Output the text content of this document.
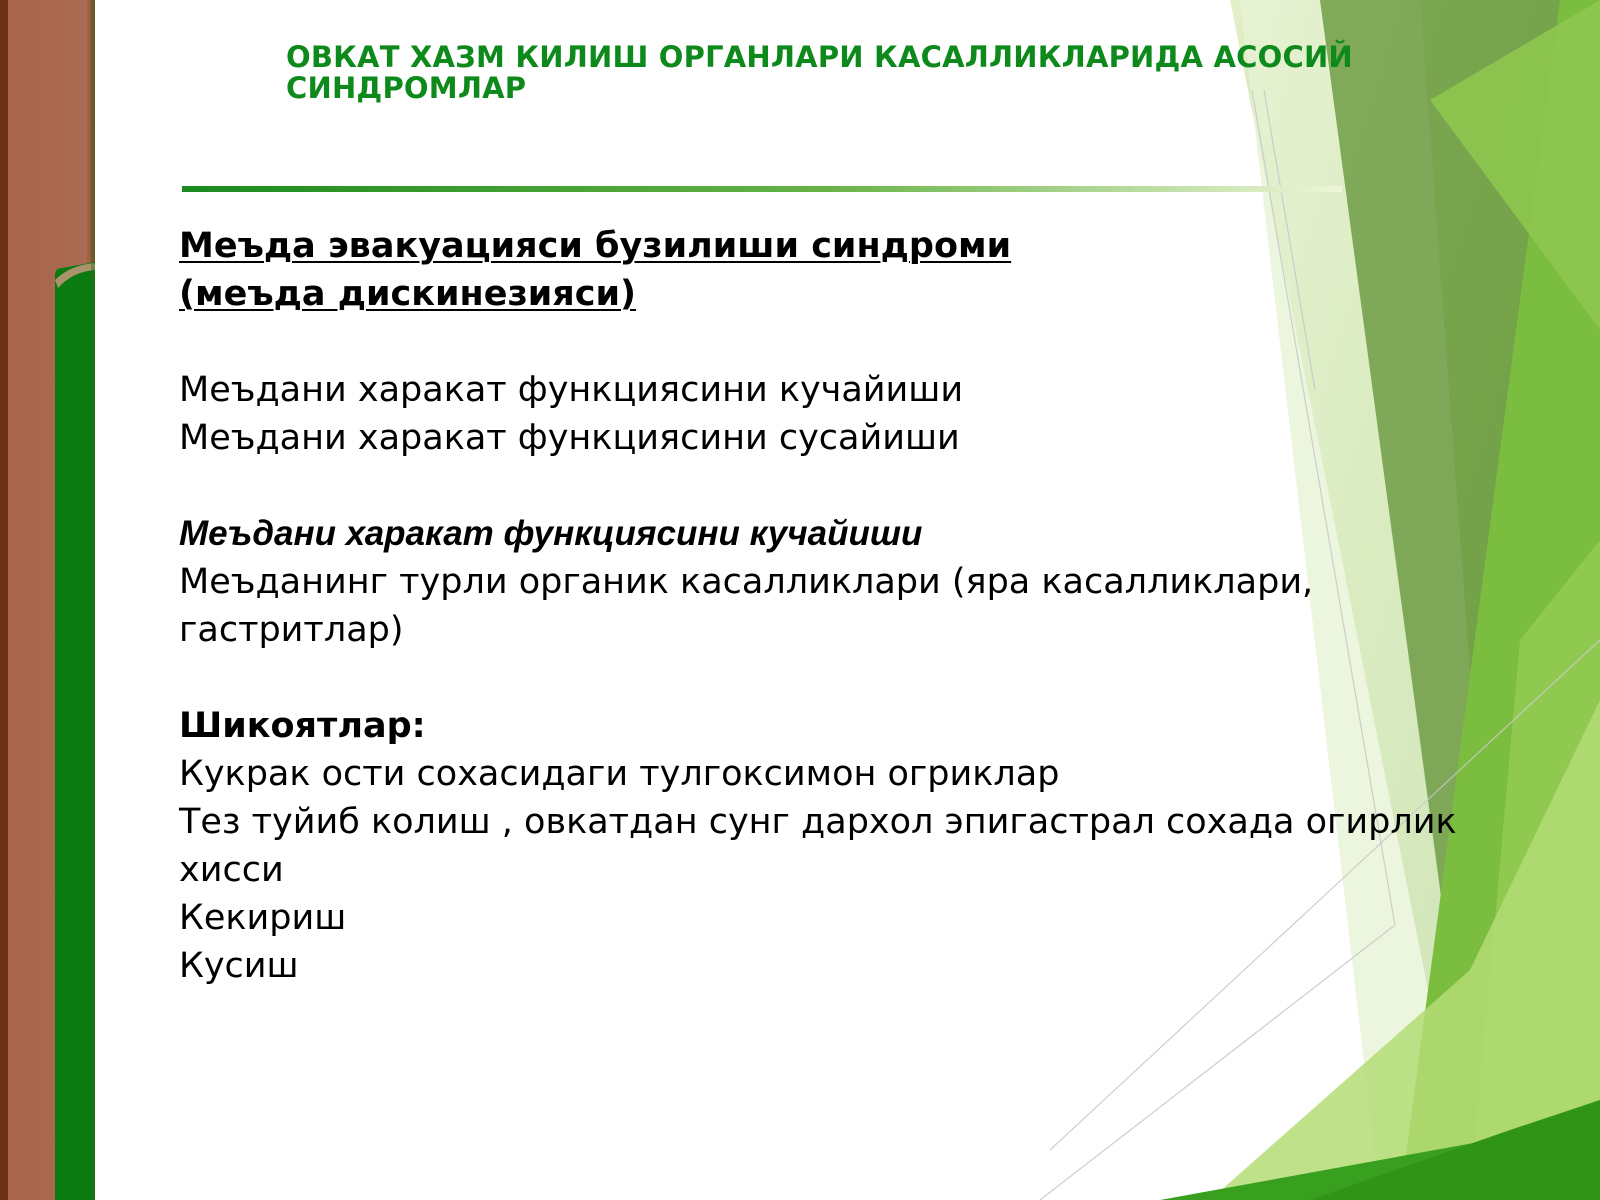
ОВКАТ ХАЗМ КИЛИШ ОРГАНЛАРИ КАСАЛЛИКЛАРИДА АСОСИЙ
СИНДРОМЛАР
Меъда эвакуацияси бузилиши синдроми
(меъда дискинезияси)
Меъдани харакат функциясини кучайиши
Меъдани харакат функциясини сусайиши
Меъдани харакат функциясини кучайиши
Меъданинг турли органик касалликлари (яра касалликлари,
гастритлар)
Шикоятлар:
Кукрак ости сохасидаги тулгоксимон огриклар
Тез туйиб колиш , овкатдан сунг дархол эпигастрал сохада огирлик
хисси
Кекириш
Кусиш
